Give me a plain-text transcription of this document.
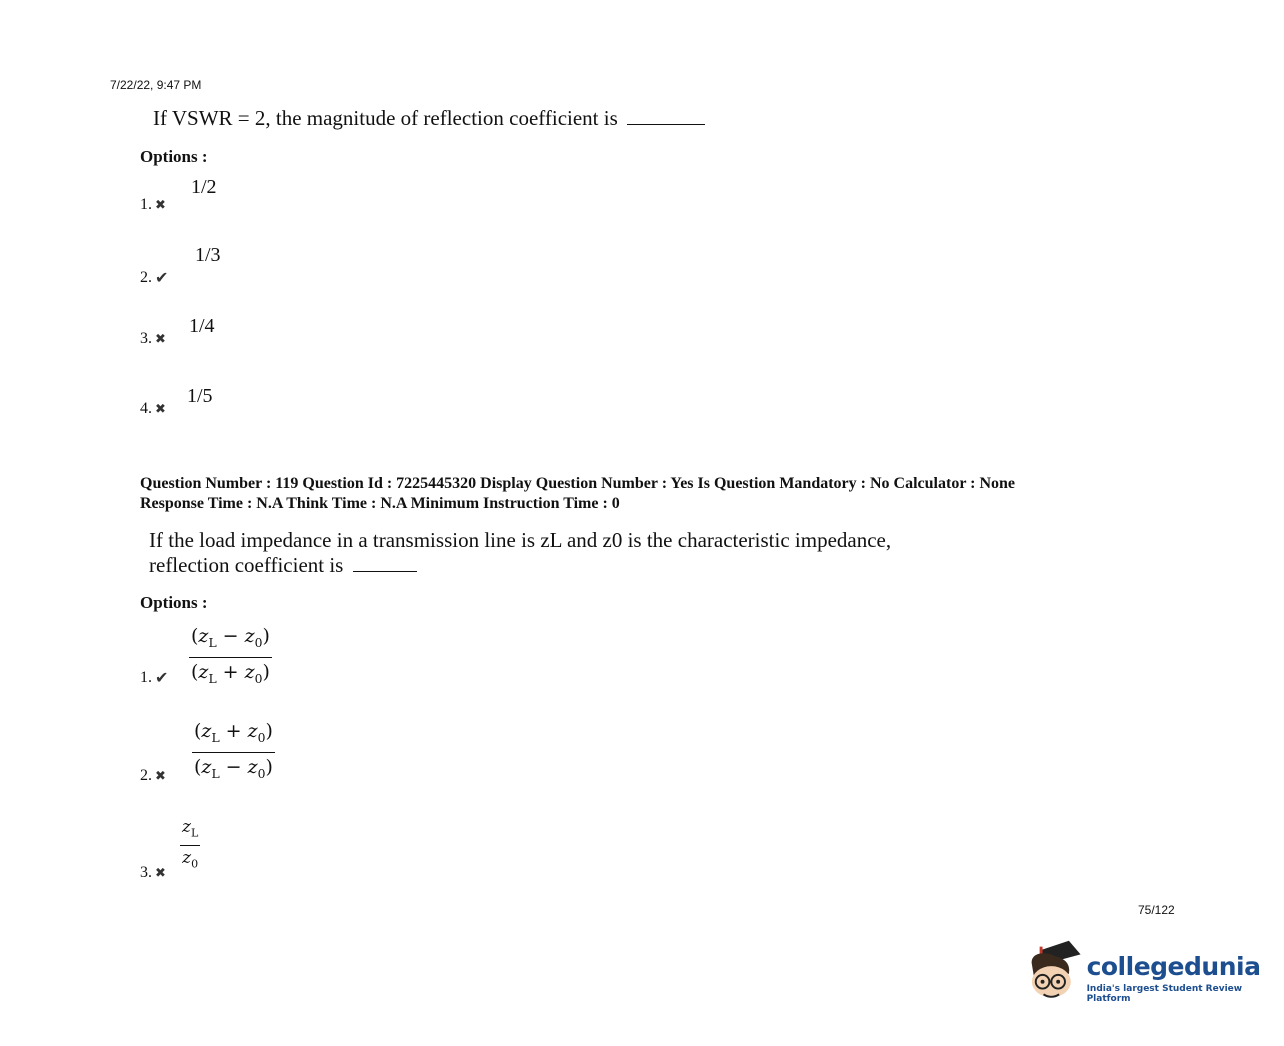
7/22/22, 9:47 PM
If VSWR = 2, the magnitude of reflection coefficient is
Options :
1. ✖
1/2
2. ✔
1/3
3. ✖
1/4
4. ✖
1/5
Question Number : 119 Question Id : 7225445320 Display Question Number : Yes Is Question Mandatory : No Calculator : None
Response Time : N.A Think Time : N.A Minimum Instruction Time : 0
If the load impedance in a transmission line is zL and z0 is the characteristic impedance,
reflection coefficient is
Options :
1. ✔
$(z_L - z_0)$
$(z_L + z_0)$
2. ✖
$(z_L + z_0)$
$(z_L - z_0)$
3. ✖
$z_L$
$z_0$
75/122
collegedunia
India's largest Student Review Platform
